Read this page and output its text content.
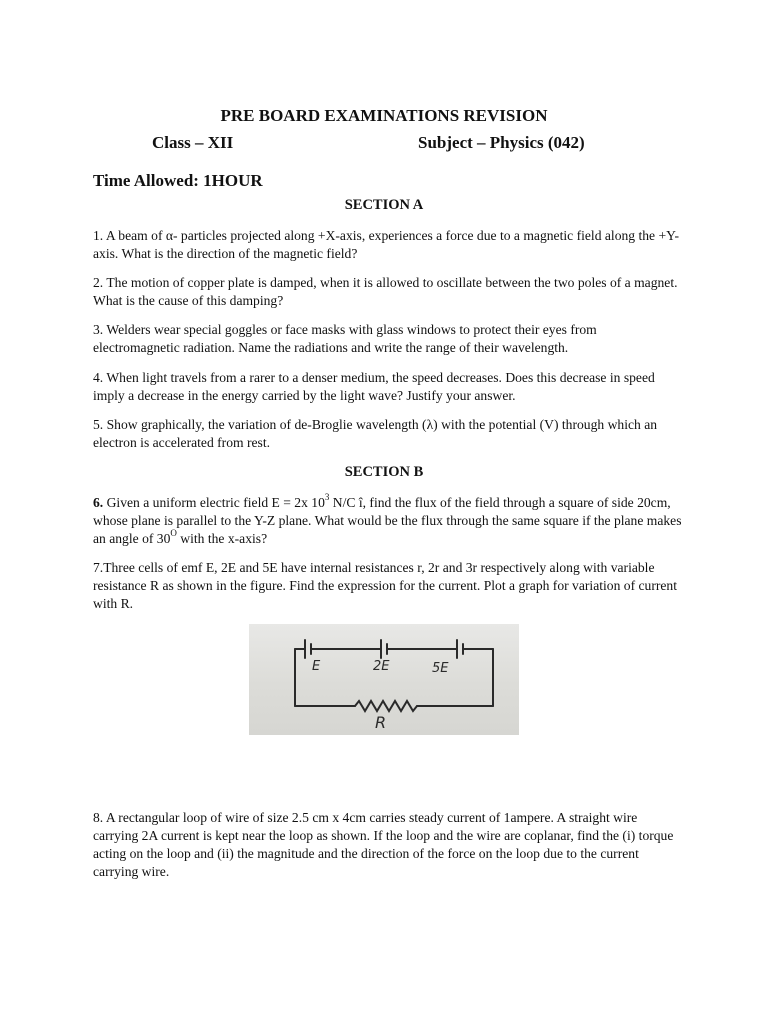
PRE BOARD EXAMINATIONS REVISION
Class – XII	Subject – Physics (042)
Time Allowed: 1HOUR
SECTION A
1. A beam of α- particles projected along +X-axis, experiences a force due to a magnetic field along the +Y-axis. What is the direction of the magnetic field?
2. The motion of copper plate is damped, when it is allowed to oscillate between the two poles of a magnet. What is the cause of this damping?
3. Welders wear special goggles or face masks with glass windows to protect their eyes from electromagnetic radiation. Name the radiations and write the range of their wavelength.
4. When light travels from a rarer to a denser medium, the speed decreases. Does this decrease in speed imply a decrease in the energy carried by the light wave? Justify your answer.
5. Show graphically, the variation of de-Broglie wavelength (λ) with the potential (V) through which an electron is accelerated from rest.
SECTION B
6. Given a uniform electric field E = 2x $10^3$ N/C î, find the flux of the field through a square of side 20cm, whose plane is parallel to the Y-Z plane. What would be the flux through the same square if the plane makes an angle of $30^O$ with the x-axis?
7.Three cells of emf E, 2E and 5E have internal resistances r, 2r and 3r respectively along with variable resistance R as shown in the figure. Find the expression for the current. Plot a graph for variation of current with R.
E	2E	5E
R
8. A rectangular loop of wire of size 2.5 cm x 4cm carries steady current of 1ampere. A straight wire carrying 2A current is kept near the loop as shown. If the loop and the wire are coplanar, find the (i) torque acting on the loop and (ii) the magnitude and the direction of the force on the loop due to the current carrying wire.
